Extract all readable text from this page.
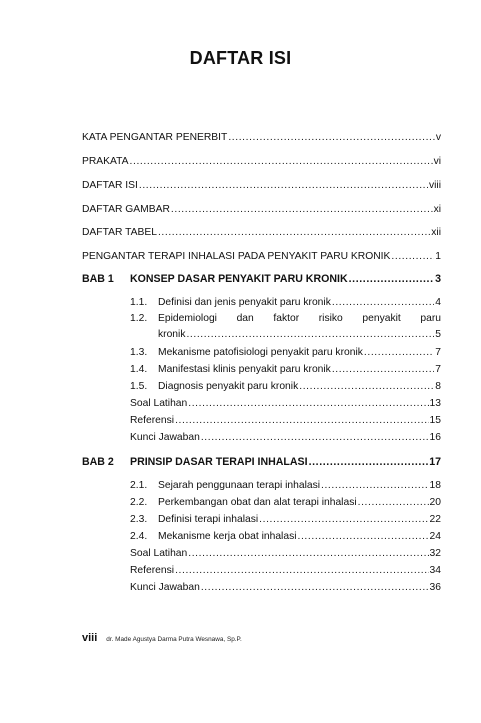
DAFTAR ISI
KATA PENGANTAR PENERBIT .....	v
PRAKATA .....	vi
DAFTAR ISI .....	viii
DAFTAR GAMBAR .....	xi
DAFTAR TABEL .....	xii
PENGANTAR TERAPI INHALASI PADA PENYAKIT PARU KRONIK .....	1
BAB 1	KONSEP DASAR PENYAKIT PARU KRONIK .....	3
1.1.	Definisi dan jenis penyakit paru kronik .....	4
1.2.	Epidemiologi dan faktor risiko penyakit paru
kronik .....	5
1.3.	Mekanisme patofisiologi penyakit paru kronik .....	7
1.4.	Manifestasi klinis penyakit paru kronik .....	7
1.5.	Diagnosis penyakit paru kronik .....	8
Soal Latihan .....	13
Referensi .....	15
Kunci Jawaban .....	16
BAB 2	PRINSIP DASAR TERAPI INHALASI .....	17
2.1.	Sejarah penggunaan terapi inhalasi .....	18
2.2.	Perkembangan obat dan alat terapi inhalasi .....	20
2.3.	Definisi terapi inhalasi .....	22
2.4.	Mekanisme kerja obat inhalasi .....	24
Soal Latihan .....	32
Referensi .....	34
Kunci Jawaban .....	36
viii dr. Made Agustya Darma Putra Wesnawa, Sp.P.
